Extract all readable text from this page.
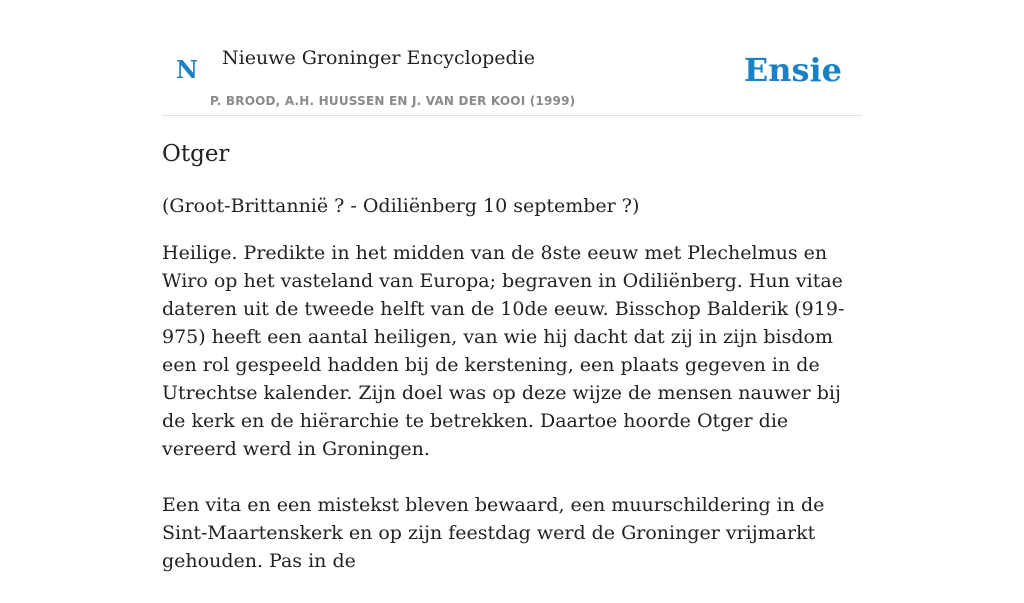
N Nieuwe Groninger Encyclopedie
P. BROOD, A.H. HUUSSEN EN J. VAN DER KOOI (1999)
Ensie
Otger

(Groot-Brittannië ? - Odiliënberg 10 september ?)

Heilige. Predikte in het midden van de 8ste eeuw met Plechelmus en Wiro op het vasteland van Europa; begraven in Odiliënberg. Hun vitae dateren uit de tweede helft van de 10de eeuw. Bisschop Balderik (919-975) heeft een aantal heiligen, van wie hij dacht dat zij in zijn bisdom een rol gespeeld hadden bij de kerstening, een plaats gegeven in de Utrechtse kalender. Zijn doel was op deze wijze de mensen nauwer bij de kerk en de hiërarchie te betrekken. Daartoe hoorde Otger die vereerd werd in Groningen.

Een vita en een mistekst bleven bewaard, een muurschildering in de Sint-Maartenskerk en op zijn feestdag werd de Groninger vrijmarkt gehouden. Pas in de
